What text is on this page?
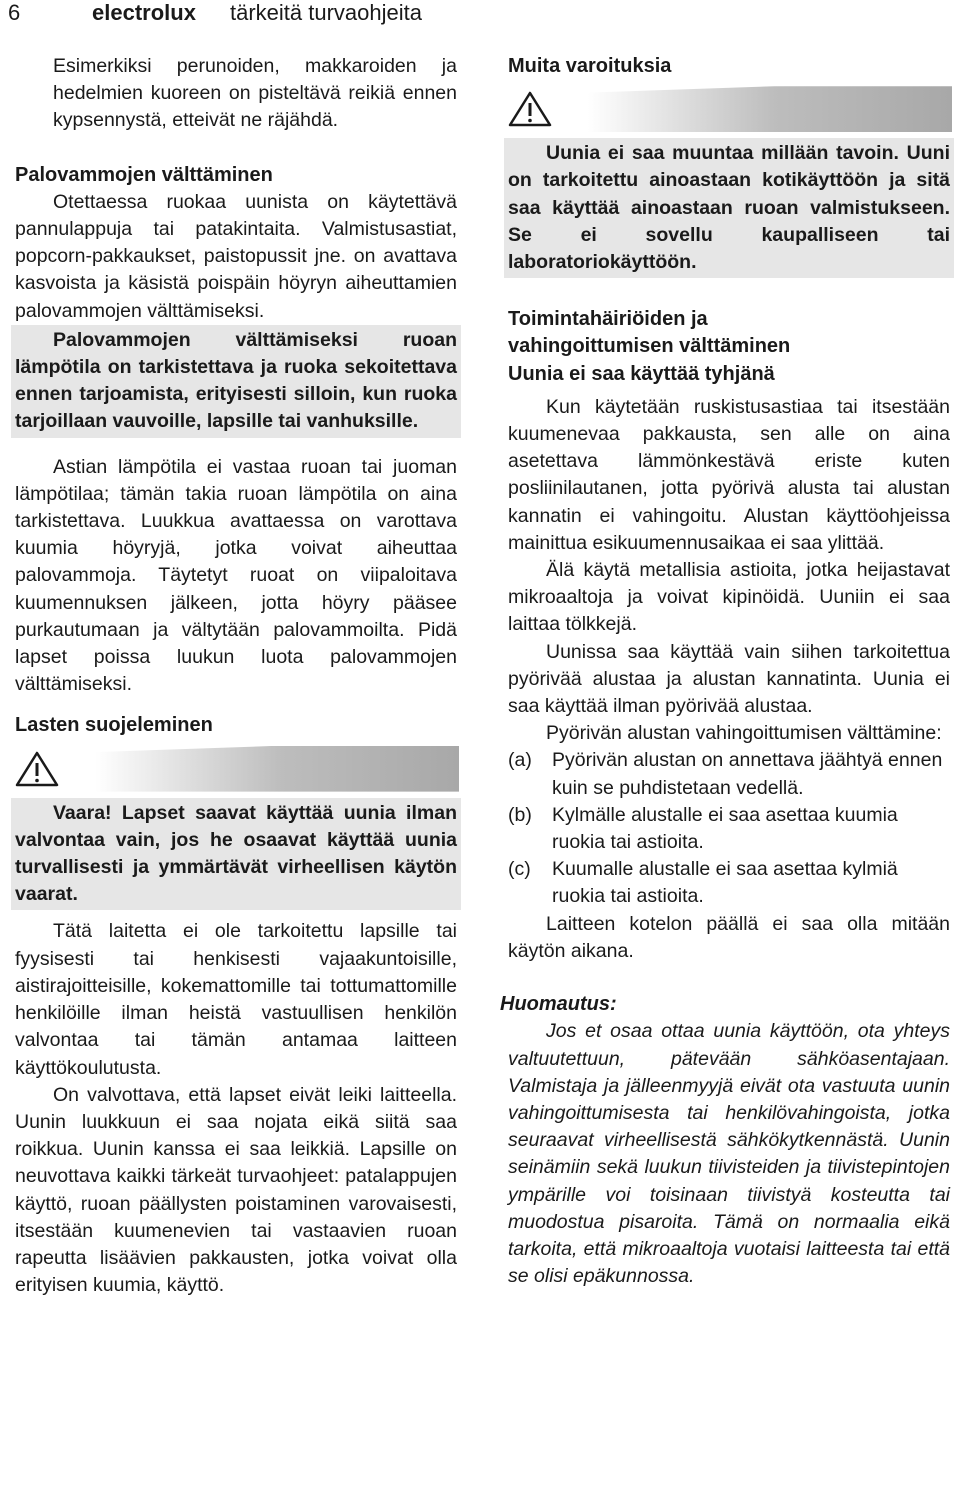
6	electrolux tärkeitä turvaohjeita

Esimerkiksi perunoiden, makkaroiden ja hedelmien kuoreen on pisteltävä reikiä ennen kypsennystä, etteivät ne räjähdä.

Palovammojen välttäminen

Otettaessa ruokaa uunista on käytettävä pannulappuja tai patakintaita. Valmistusastiat, popcorn-pakkaukset, paistopussit jne. on avattava kasvoista ja käsistä poispäin höyryn aiheuttamien palovammojen välttämiseksi.

Palovammojen välttämiseksi ruoan lämpötila on tarkistettava ja ruoka sekoitettava ennen tarjoamista, erityisesti silloin, kun ruoka tarjoillaan vauvoille, lapsille tai vanhuksille.

Astian lämpötila ei vastaa ruoan tai juoman lämpötilaa; tämän takia ruoan lämpötila on aina tarkistettava. Luukkua avattaessa on varottava kuumia höyryjä, jotka voivat aiheuttaa palovammoja. Täytetyt ruoat on viipaloitava kuumennuksen jälkeen, jotta höyry pääsee purkautumaan ja vältytään palovammoilta. Pidä lapset poissa luukun luota palovammojen välttämiseksi.

Lasten suojeleminen

Vaara! Lapset saavat käyttää uunia ilman valvontaa vain, jos he osaavat käyttää uunia turvallisesti ja ymmärtävät virheellisen käytön vaarat.

Tätä laitetta ei ole tarkoitettu lapsille tai fyysisesti tai henkisesti vajaakuntoisille, aistirajoitteisille, kokemattomille tai tottumattomille henkilöille ilman heistä vastuullisen henkilön valvontaa tai tämän antamaa laitteen käyttökoulutusta.

On valvottava, että lapset eivät leiki laitteella. Uunin luukkuun ei saa nojata eikä siitä saa roikkua. Uunin kanssa ei saa leikkiä. Lapsille on neuvottava kaikki tärkeät turvaohjeet: patalappujen käyttö, ruoan päällysten poistaminen varovaisesti, itsestään kuumenevien tai vastaavien ruoan rapeutta lisäävien pakkausten, jotka voivat olla erityisen kuumia, käyttö.

Muita varoituksia

Uunia ei saa muuntaa millään tavoin. Uuni on tarkoitettu ainoastaan kotikäyttöön ja sitä saa käyttää ainoastaan ruoan valmistukseen. Se ei sovellu kaupalliseen tai laboratoriokäyttöön.

Toimintahäiriöiden ja

vahingoittumisen välttäminen

Uunia ei saa käyttää tyhjänä

Kun käytetään ruskistusastiaa tai itsestään kuumenevaa pakkausta, sen alle on aina asetettava lämmönkestävä eriste kuten posliinilautanen, jotta pyörivä alusta tai alustan kannatin ei vahingoitu. Alustan käyttöohjeissa mainittua esikuumennusaikaa ei saa ylittää.

Älä käytä metallisia astioita, jotka heijastavat mikroaaltoja ja voivat kipinöidä. Uuniin ei saa laittaa tölkkejä.

Uunissa saa käyttää vain siihen tarkoitettua pyörivää alustaa ja alustan kannatinta. Uunia ei saa käyttää ilman pyörivää alustaa.

Pyörivän alustan vahingoittumisen välttämine:

(a)	Pyörivän alustan on annettava jäähtyä ennen kuin se puhdistetaan vedellä.
(b)	Kylmälle alustalle ei saa asettaa kuumia ruokia tai astioita.
(c)	Kuumalle alustalle ei saa asettaa kylmiä ruokia tai astioita.

Laitteen kotelon päällä ei saa olla mitään käytön aikana.

Huomautus:

Jos et osaa ottaa uunia käyttöön, ota yhteys valtuutettuun, pätevään sähköasentajaan. Valmistaja ja jälleenmyyjä eivät ota vastuuta uunin vahingoittumisesta tai henkilövahingoista, jotka seuraavat virheellisestä sähkökytkennästä. Uunin seinämiin sekä luukun tiivisteiden ja tiivistepintojen ympärille voi toisinaan tiivistyä kosteutta tai muodostua pisaroita. Tämä on normaalia eikä tarkoita, että mikroaaltoja vuotaisi laitteesta tai että se olisi epäkunnossa.
